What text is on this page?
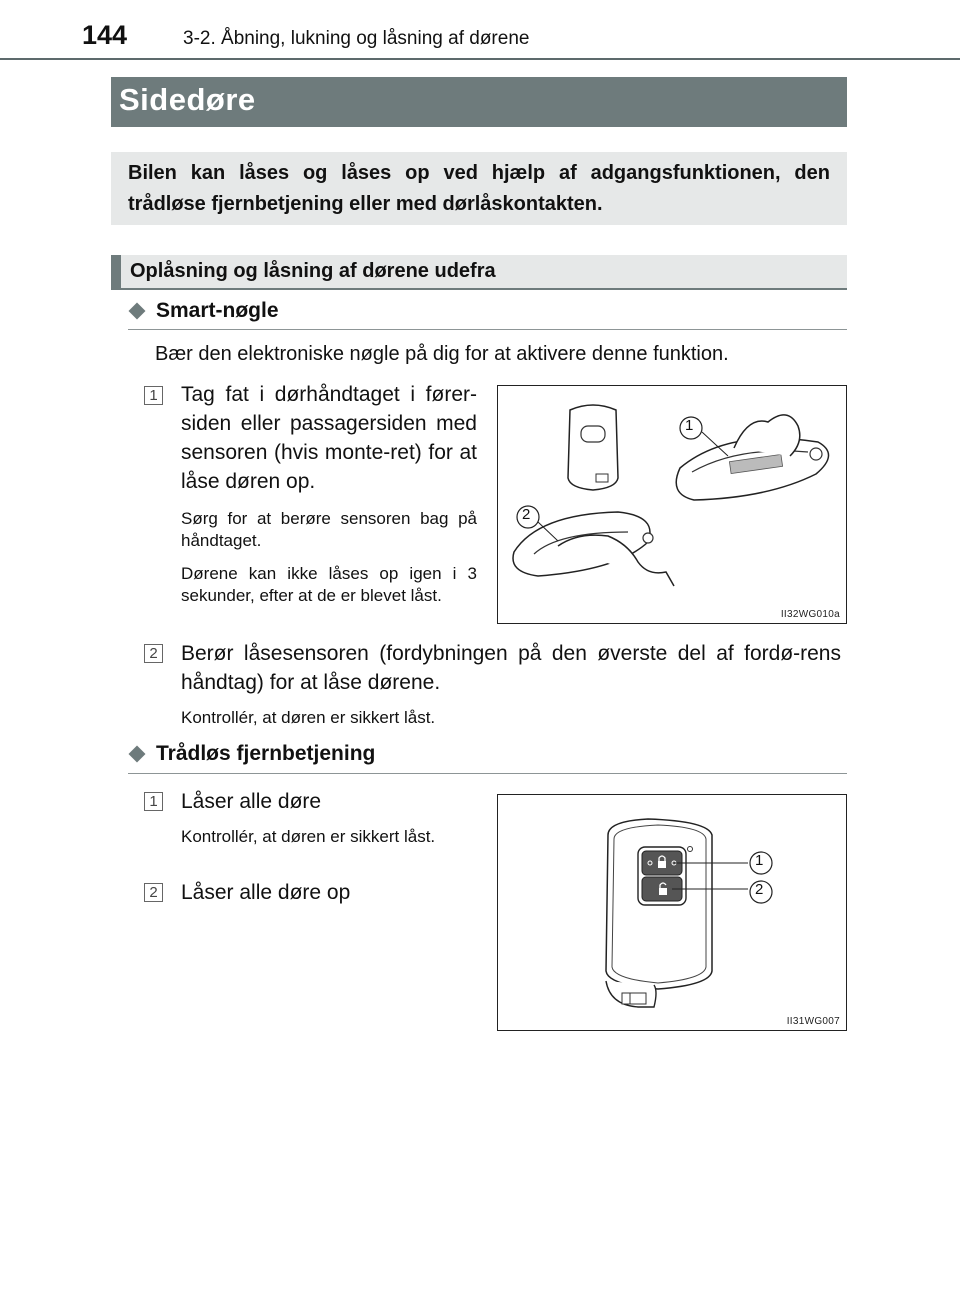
144	3-2. Åbning, lukning og låsning af dørene
Sidedøre
Bilen kan låses og låses op ved hjælp af adgangsfunktionen, den trådløse fjernbetjening eller med dørlåskontakten.
Oplåsning og låsning af dørene udefra
Smart-nøgle
Bær den elektroniske nøgle på dig for at aktivere denne funktion.
1 Tag fat i dørhåndtaget i fører-siden eller passagersiden med sensoren (hvis monte-ret) for at låse døren op.
Sørg for at berøre sensoren bag på håndtaget.
Dørene kan ikke låses op igen i 3 sekunder, efter at de er blevet låst.
1
2
II32WG010a
2 Berør låsesensoren (fordybningen på den øverste del af fordø-rens håndtag) for at låse dørene.
Kontrollér, at døren er sikkert låst.
Trådløs fjernbetjening
1 Låser alle døre
Kontrollér, at døren er sikkert låst.
2 Låser alle døre op
1
2
II31WG007
